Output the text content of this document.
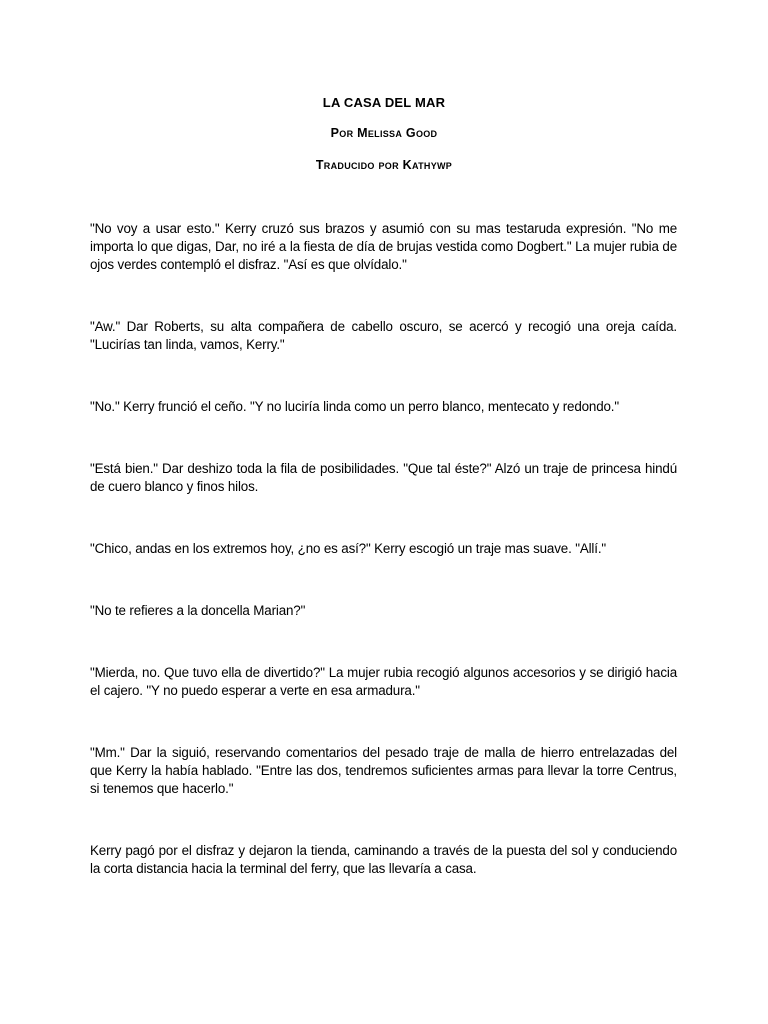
LA CASA DEL MAR
Por Melissa Good
Traducido por Kathywp

"No voy a usar esto." Kerry cruzó sus brazos y asumió con su mas testaruda expresión. "No me importa lo que digas, Dar, no iré a la fiesta de día de brujas vestida como Dogbert." La mujer rubia de ojos verdes contempló el disfraz. "Así es que olvídalo."

"Aw." Dar Roberts, su alta compañera de cabello oscuro, se acercó y recogió una oreja caída. "Lucirías tan linda, vamos, Kerry."

"No." Kerry frunció el ceño. "Y no luciría linda como un perro blanco, mentecato y redondo."

"Está bien." Dar deshizo toda la fila de posibilidades. "Que tal éste?" Alzó un traje de princesa hindú de cuero blanco y finos hilos.

"Chico, andas en los extremos hoy, ¿no es así?" Kerry escogió un traje mas suave. "Allí."

"No te refieres a la doncella Marian?"

"Mierda, no. Que tuvo ella de divertido?" La mujer rubia recogió algunos accesorios y se dirigió hacia el cajero. "Y no puedo esperar a verte en esa armadura."

"Mm." Dar la siguió, reservando comentarios del pesado traje de malla de hierro entrelazadas del que Kerry la había hablado. "Entre las dos, tendremos suficientes armas para llevar la torre Centrus, si tenemos que hacerlo."

Kerry pagó por el disfraz y dejaron la tienda, caminando a través de la puesta del sol y conduciendo la corta distancia hacia la terminal del ferry, que las llevaría a casa.
